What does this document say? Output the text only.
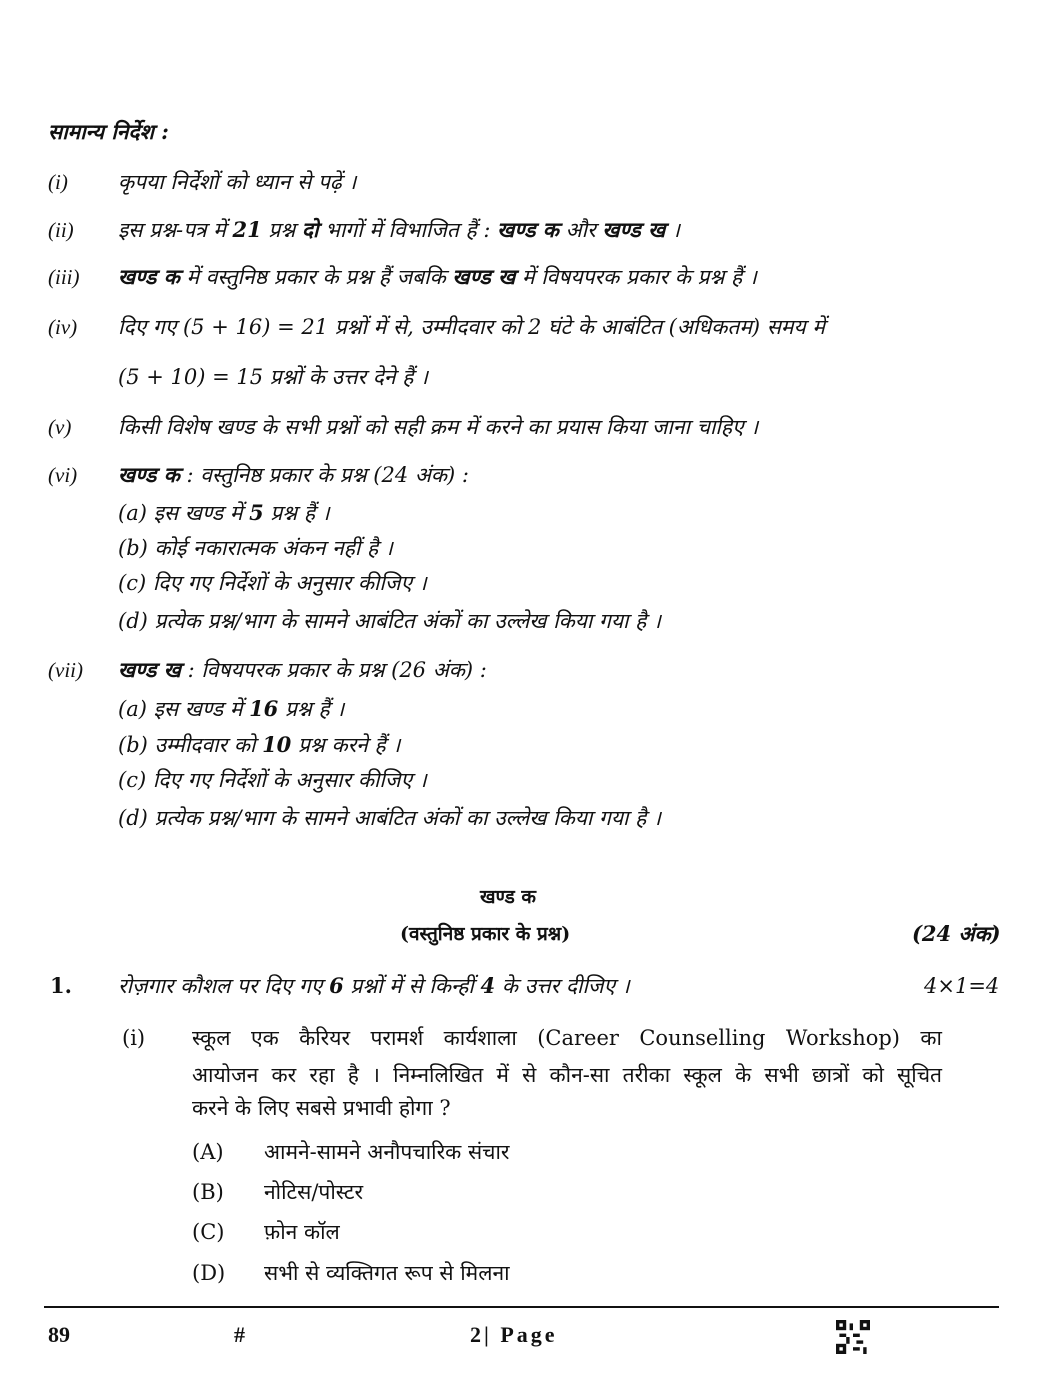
सामान्य निर्देश :
(i) कृपया निर्देशों को ध्यान से पढ़ें ।
(ii) इस प्रश्न-पत्र में 21 प्रश्न दो भागों में विभाजित हैं : खण्ड क और खण्ड ख ।
(iii) खण्ड क में वस्तुनिष्ठ प्रकार के प्रश्न हैं जबकि खण्ड ख में विषयपरक प्रकार के प्रश्न हैं ।
(iv) दिए गए (5 + 16) = 21 प्रश्नों में से, उम्मीदवार को 2 घंटे के आबंटित (अधिकतम) समय में
(5 + 10) = 15 प्रश्नों के उत्तर देने हैं ।
(v) किसी विशेष खण्ड के सभी प्रश्नों को सही क्रम में करने का प्रयास किया जाना चाहिए ।
(vi) खण्ड क : वस्तुनिष्ठ प्रकार के प्रश्न (24 अंक) :
(a) इस खण्ड में 5 प्रश्न हैं ।
(b) कोई नकारात्मक अंकन नहीं है ।
(c) दिए गए निर्देशों के अनुसार कीजिए ।
(d) प्रत्येक प्रश्न/भाग के सामने आबंटित अंकों का उल्लेख किया गया है ।
(vii) खण्ड ख : विषयपरक प्रकार के प्रश्न (26 अंक) :
(a) इस खण्ड में 16 प्रश्न हैं ।
(b) उम्मीदवार को 10 प्रश्न करने हैं ।
(c) दिए गए निर्देशों के अनुसार कीजिए ।
(d) प्रत्येक प्रश्न/भाग के सामने आबंटित अंकों का उल्लेख किया गया है ।
खण्ड क
(वस्तुनिष्ठ प्रकार के प्रश्न)	(24 अंक)
1. रोज़गार कौशल पर दिए गए 6 प्रश्नों में से किन्हीं 4 के उत्तर दीजिए ।	4×1=4
(i) स्कूल एक कैरियर परामर्श कार्यशाला (Career Counselling Workshop) का
आयोजन कर रहा है । निम्नलिखित में से कौन-सा तरीका स्कूल के सभी छात्रों को सूचित
करने के लिए सबसे प्रभावी होगा ?
(A) आमने-सामने अनौपचारिक संचार
(B) नोटिस/पोस्टर
(C) फ़ोन कॉल
(D) सभी से व्यक्तिगत रूप से मिलना
89	#	2| Page
